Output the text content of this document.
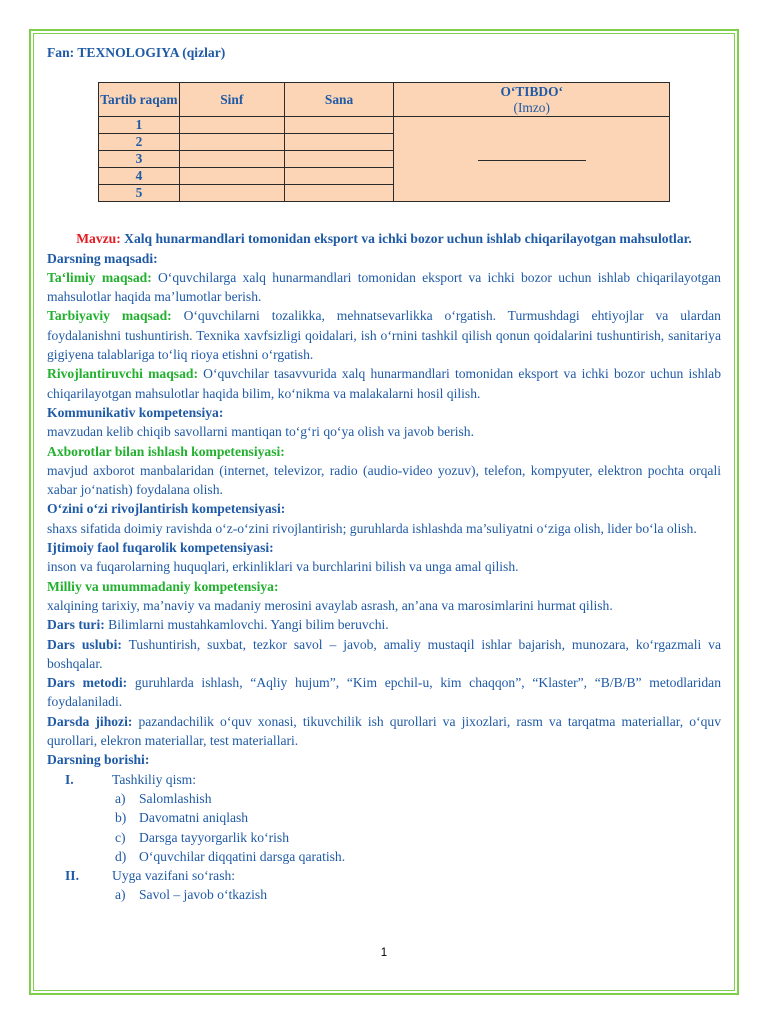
Fan: TEXNOLOGIYA (qizlar)
Tartib raqam	Sinf	Sana	O‘TIBDO‘
(Imzo)

1			
2			
3			
4			
5			
Mavzu: Xalq hunarmandlari tomonidan eksport va ichki bozor uchun ishlab chiqarilayotgan mahsulotlar.

Darsning maqsadi:

Ta‘limiy maqsad: O‘quvchilarga xalq hunarmandlari tomonidan eksport va ichki bozor uchun ishlab chiqarilayotgan mahsulotlar haqida ma’lumotlar berish.

Tarbiyaviy maqsad: O‘quvchilarni tozalikka, mehnatsevarlikka o‘rgatish. Turmushdagi ehtiyojlar va ulardan foydalanishni tushuntirish. Texnika xavfsizligi qoidalari, ish o‘rnini tashkil qilish qonun qoidalarini tushuntirish, sanitariya gigiyena talablariga to‘liq rioya etishni o‘rgatish.

Rivojlantiruvchi maqsad: O‘quvchilar tasavvurida xalq hunarmandlari tomonidan eksport va ichki bozor uchun ishlab chiqarilayotgan mahsulotlar haqida bilim, ko‘nikma va malakalarni hosil qilish.

Kommunikativ kompetensiya:

mavzudan kelib chiqib savollarni mantiqan to‘g‘ri qo‘ya olish va javob berish.

Axborotlar bilan ishlash kompetensiyasi:

mavjud axborot manbalaridan (internet, televizor, radio (audio-video yozuv), telefon, kompyuter, elektron pochta orqali xabar jo‘natish) foydalana olish.

O‘zini o‘zi rivojlantirish kompetensiyasi:

shaxs sifatida doimiy ravishda o‘z-o‘zini rivojlantirish; guruhlarda ishlashda ma’suliyatni o‘ziga olish, lider bo‘la olish.

Ijtimoiy faol fuqarolik kompetensiyasi:

inson va fuqarolarning huquqlari, erkinliklari va burchlarini bilish va unga amal qilish.

Milliy va umummadaniy kompetensiya:

xalqining tarixiy, ma’naviy va madaniy merosini avaylab asrash, an’ana va marosimlarini hurmat qilish.

Dars turi: Bilimlarni mustahkamlovchi. Yangi bilim beruvchi.

Dars uslubi: Tushuntirish, suxbat, tezkor savol – javob, amaliy mustaqil ishlar bajarish, munozara, ko‘rgazmali va boshqalar.

Dars metodi: guruhlarda ishlash, “Aqliy hujum”, “Kim epchil-u, kim chaqqon”, “Klaster”, “B/B/B” metodlaridan foydalaniladi.

Darsda jihozi: pazandachilik o‘quv xonasi, tikuvchilik ish qurollari va jixozlari, rasm va tarqatma materiallar, o‘quv qurollari, elekron materiallar, test materiallari.

Darsning borishi:

I.	Tashkiliy qism:
a) Salomlashish
b) Davomatni aniqlash
c) Darsga tayyorgarlik ko‘rish
d) O‘quvchilar diqqatini darsga qaratish.
II. Uyga vazifani so‘rash:
a) Savol – javob o‘tkazish
1
